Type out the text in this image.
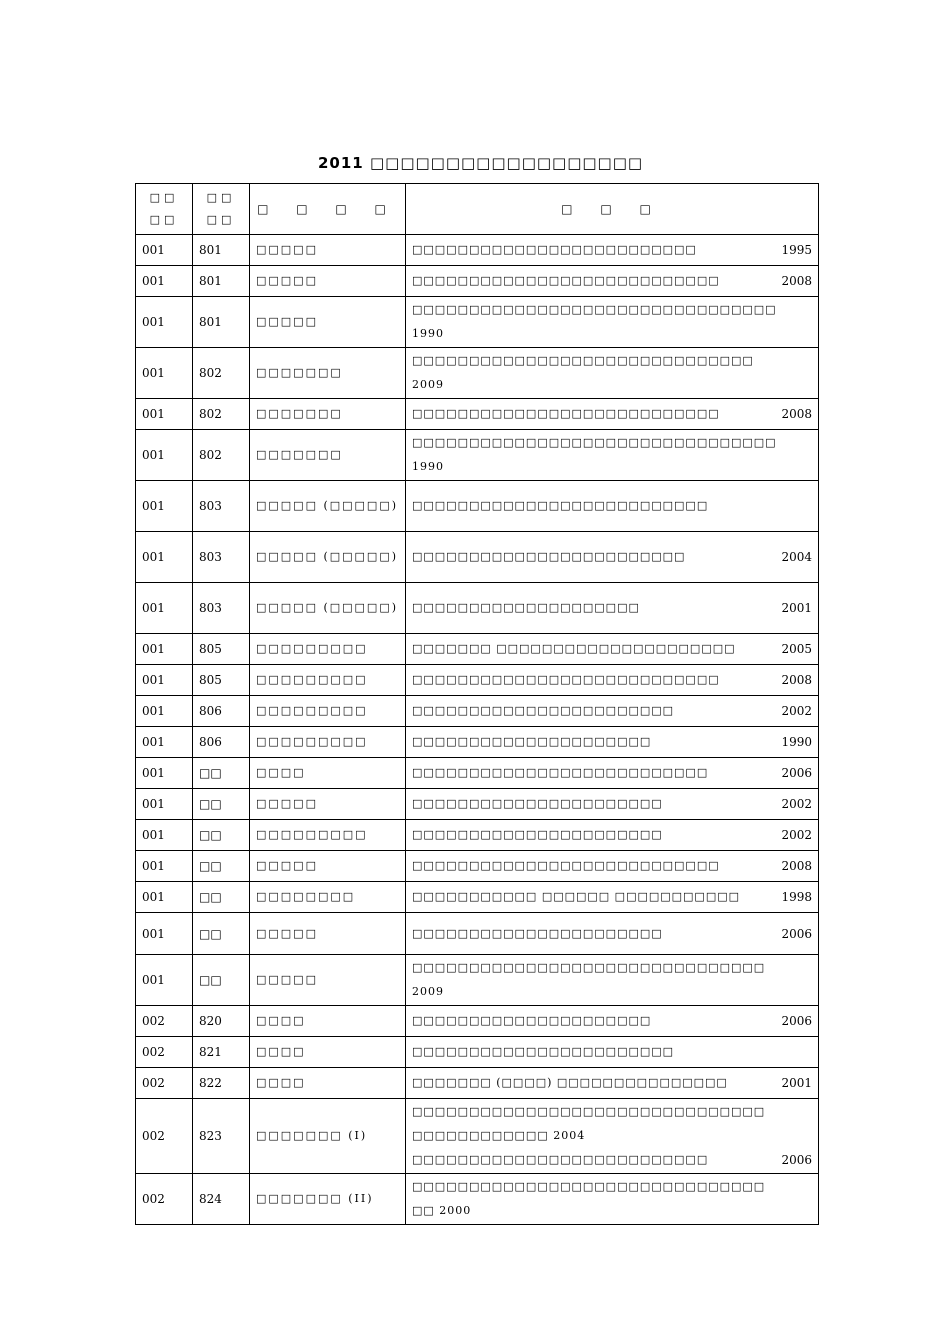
2011 □□□□□□□□□□□□□□□□□□
□□ □□	□□ □□	□ □ □ □	□ □ □
001	801	□□□□□	□□□□□□□□□□□□□□□□□□□□□□□□□ 1995

001	801	□□□□□	□□□□□□□□□□□□□□□□□□□□□□□□□□□ 2008

001	801	□□□□□	□□□□□□□□□□□□□□□□□□□□□□□□□□□□□□□□
1990

001	802	□□□□□□□	□□□□□□□□□□□□□□□□□□□□□□□□□□□□□□
2009

001	802	□□□□□□□	□□□□□□□□□□□□□□□□□□□□□□□□□□□ 2008

001	802	□□□□□□□	□□□□□□□□□□□□□□□□□□□□□□□□□□□□□□□□
1990

001	803	□□□□□ (□□□□□)	□□□□□□□□□□□□□□□□□□□□□□□□□□

001	803	□□□□□ (□□□□□)	□□□□□□□□□□□□□□□□□□□□□□□□ 2004

001	803	□□□□□ (□□□□□)	□□□□□□□□□□□□□□□□□□□□ 2001

001	805	□□□□□□□□□	□□□□□□□ □□□□□□□□□□□□□□□□□□□□□ 2005

001	805	□□□□□□□□□	□□□□□□□□□□□□□□□□□□□□□□□□□□□ 2008

001	806	□□□□□□□□□	□□□□□□□□□□□□□□□□□□□□□□□ 2002

001	806	□□□□□□□□□	□□□□□□□□□□□□□□□□□□□□□ 1990

001	□□	□□□□	□□□□□□□□□□□□□□□□□□□□□□□□□□ 2006

001	□□	□□□□□	□□□□□□□□□□□□□□□□□□□□□□ 2002

001	□□	□□□□□□□□□	□□□□□□□□□□□□□□□□□□□□□□ 2002

001	□□	□□□□□	□□□□□□□□□□□□□□□□□□□□□□□□□□□ 2008

001	□□	□□□□□□□□	□□□□□□□□□□□ □□□□□□ □□□□□□□□□□□ 1998

001	□□	□□□□□	□□□□□□□□□□□□□□□□□□□□□□ 2006

001	□□	□□□□□	□□□□□□□□□□□□□□□□□□□□□□□□□□□□□□□
2009

002	820	□□□□	□□□□□□□□□□□□□□□□□□□□□ 2006

002	821	□□□□	□□□□□□□□□□□□□□□□□□□□□□□

002	822	□□□□	□□□□□□□ (□□□□) □□□□□□□□□□□□□□□ 2001

002	823	□□□□□□□ (I)	□□□□□□□□□□□□□□□□□□□□□□□□□□□□□□□
□□□□□□□□□□□□ 2004
□□□□□□□□□□□□□□□□□□□□□□□□□□ 2006

002	824	□□□□□□□ (II)	□□□□□□□□□□□□□□□□□□□□□□□□□□□□□□□
□□ 2000
